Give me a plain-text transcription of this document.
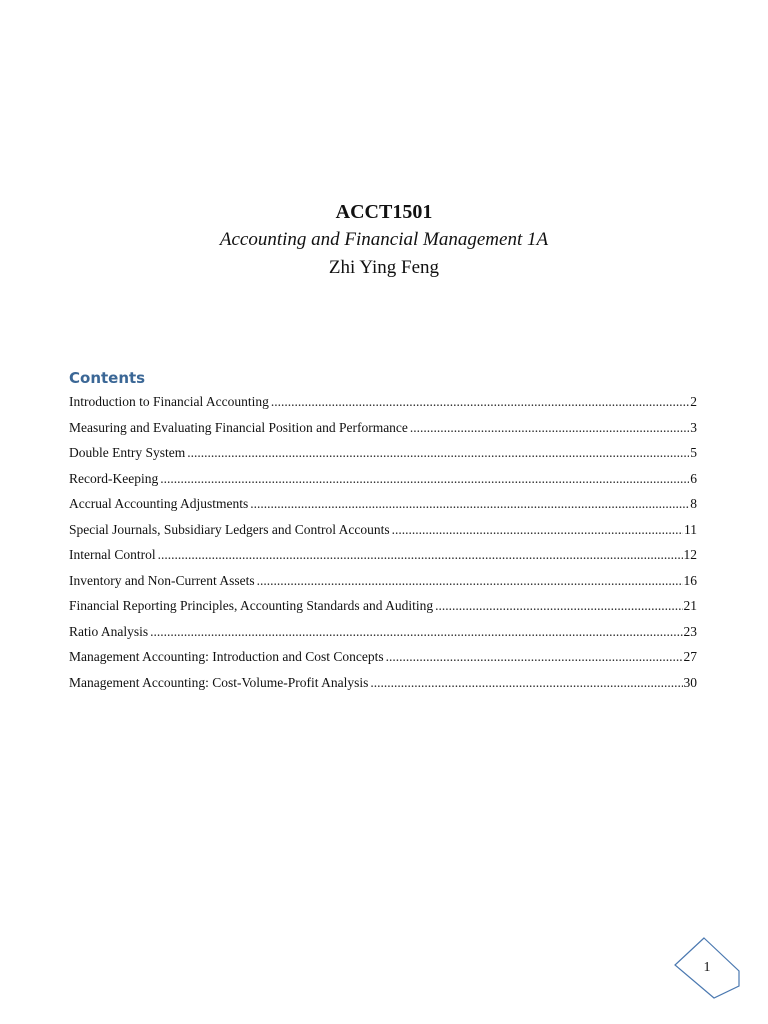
ACCT1501

Accounting and Financial Management 1A

Zhi Ying Feng

Contents
Introduction to Financial Accounting .....	2
Measuring and Evaluating Financial Position and Performance .....	3
Double Entry System .....	5
Record-Keeping .....	6
Accrual Accounting Adjustments .....	8
Special Journals, Subsidiary Ledgers and Control Accounts .....	11
Internal Control .....	12
Inventory and Non-Current Assets .....	16
Financial Reporting Principles, Accounting Standards and Auditing .....	21
Ratio Analysis .....	23
Management Accounting: Introduction and Cost Concepts .....	27
Management Accounting: Cost-Volume-Profit Analysis .....	30
1
